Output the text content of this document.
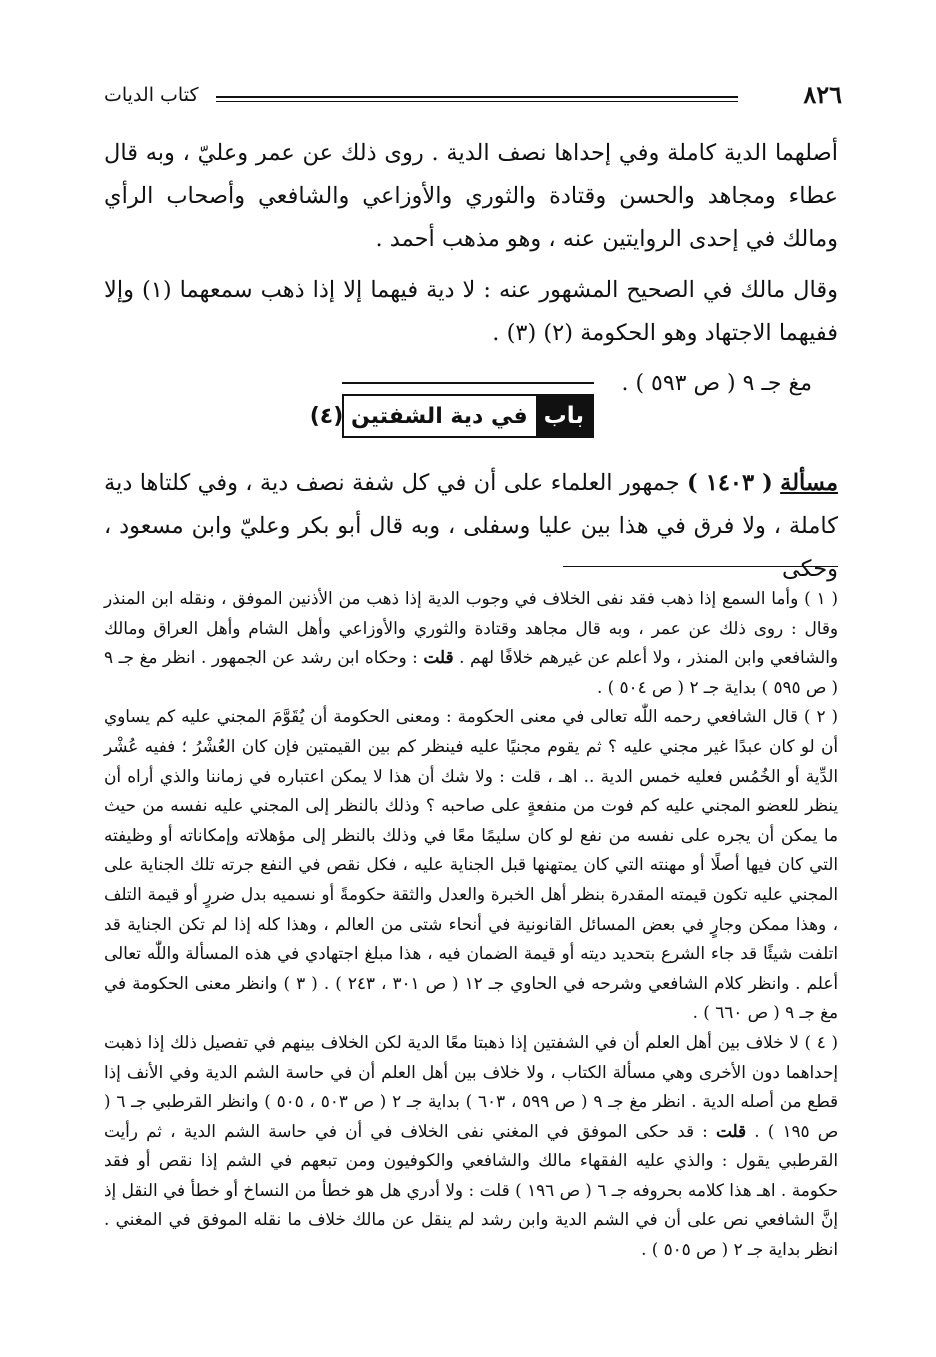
٨٢٦
كتاب الديات

أصلهما الدية كاملة وفي إحداها نصف الدية . روى ذلك عن عمر وعليّ ، وبه قال عطاء ومجاهد والحسن وقتادة والثوري والأوزاعي والشافعي وأصحاب الرأي ومالك في إحدى الروايتين عنه ، وهو مذهب أحمد .

وقال مالك في الصحيح المشهور عنه : لا دية فيهما إلا إذا ذهب سمعهما (١) وإلا ففيهما الاجتهاد وهو الحكومة (٢) (٣) .

مغ جـ ٩ ( ص ٥٩٣ ) .

باب
في دية الشفتين (٤)

مسألة ( ١٤٠٣ ) جمهور العلماء على أن في كل شفة نصف دية ، وفي كلتاها دية كاملة ، ولا فرق في هذا بين عليا وسفلى ، وبه قال أبو بكر وعليّ وابن مسعود ، وحكى

( ١ ) وأما السمع إذا ذهب فقد نفى الخلاف في وجوب الدية إذا ذهب من الأذنين الموفق ، ونقله ابن المنذر وقال : روى ذلك عن عمر ، وبه قال مجاهد وقتادة والثوري والأوزاعي وأهل الشام وأهل العراق ومالك والشافعي وابن المنذر ، ولا أعلم عن غيرهم خلافًا لهم . قلت : وحكاه ابن رشد عن الجمهور . انظر مغ جـ ٩ ( ص ٥٩٥ ) بداية جـ ٢ ( ص ٥٠٤ ) .

( ٢ ) قال الشافعي رحمه اللّٰه تعالى في معنى الحكومة : ومعنى الحكومة أن يُقَوَّمَ المجني عليه كم يساوي أن لو كان عبدًا غير مجني عليه ؟ ثم يقوم مجنيًا عليه فينظر كم بين القيمتين فإن كان العُشْرُ ؛ ففيه عُشْر الدِّية أو الخُمُس فعليه خمس الدية .. اهـ ، قلت : ولا شك أن هذا لا يمكن اعتباره في زماننا والذي أراه أن ينظر للعضو المجني عليه كم فوت من منفعةٍ على صاحبه ؟ وذلك بالنظر إلى المجني عليه نفسه من حيث ما يمكن أن يجره على نفسه من نفع لو كان سليمًا معًا في وذلك بالنظر إلى مؤهلاته وإمكاناته أو وظيفته التي كان فيها أصلًا أو مهنته التي كان يمتهنها قبل الجناية عليه ، فكل نقص في النفع جرته تلك الجناية على المجني عليه تكون قيمته المقدرة بنظر أهل الخبرة والعدل والثقة حكومةً أو نسميه بدل ضررٍ أو قيمة التلف ، وهذا ممكن وجارٍ في بعض المسائل القانونية في أنحاء شتى من العالم ، وهذا كله إذا لم تكن الجناية قد اتلفت شيئًا قد جاء الشرع بتحديد ديته أو قيمة الضمان فيه ، هذا مبلغ اجتهادي في هذه المسألة واللّٰه تعالى أعلم . وانظر كلام الشافعي وشرحه في الحاوي جـ ١٢ ( ص ٣٠١ ، ٢٤٣ ) . ( ٣ ) وانظر معنى الحكومة في مغ جـ ٩ ( ص ٦٦٠ ) .

( ٤ ) لا خلاف بين أهل العلم أن في الشفتين إذا ذهبتا معًا الدية لكن الخلاف بينهم في تفصيل ذلك إذا ذهبت إحداهما دون الأخرى وهي مسألة الكتاب ، ولا خلاف بين أهل العلم أن في حاسة الشم الدية وفي الأنف إذا قطع من أصله الدية . انظر مغ جـ ٩ ( ص ٥٩٩ ، ٦٠٣ ) بداية جـ ٢ ( ص ٥٠٣ ، ٥٠٥ ) وانظر القرطبي جـ ٦ ( ص ١٩٥ ) . قلت : قد حكى الموفق في المغني نفى الخلاف في أن في حاسة الشم الدية ، ثم رأيت القرطبي يقول : والذي عليه الفقهاء مالك والشافعي والكوفيون ومن تبعهم في الشم إذا نقص أو فقد حكومة . اهـ هذا كلامه بحروفه جـ ٦ ( ص ١٩٦ ) قلت : ولا أدري هل هو خطأ من النساخ أو خطأ في النقل إذ إنَّ الشافعي نص على أن في الشم الدية وابن رشد لم ينقل عن مالك خلاف ما نقله الموفق في المغني . انظر بداية جـ ٢ ( ص ٥٠٥ ) .
